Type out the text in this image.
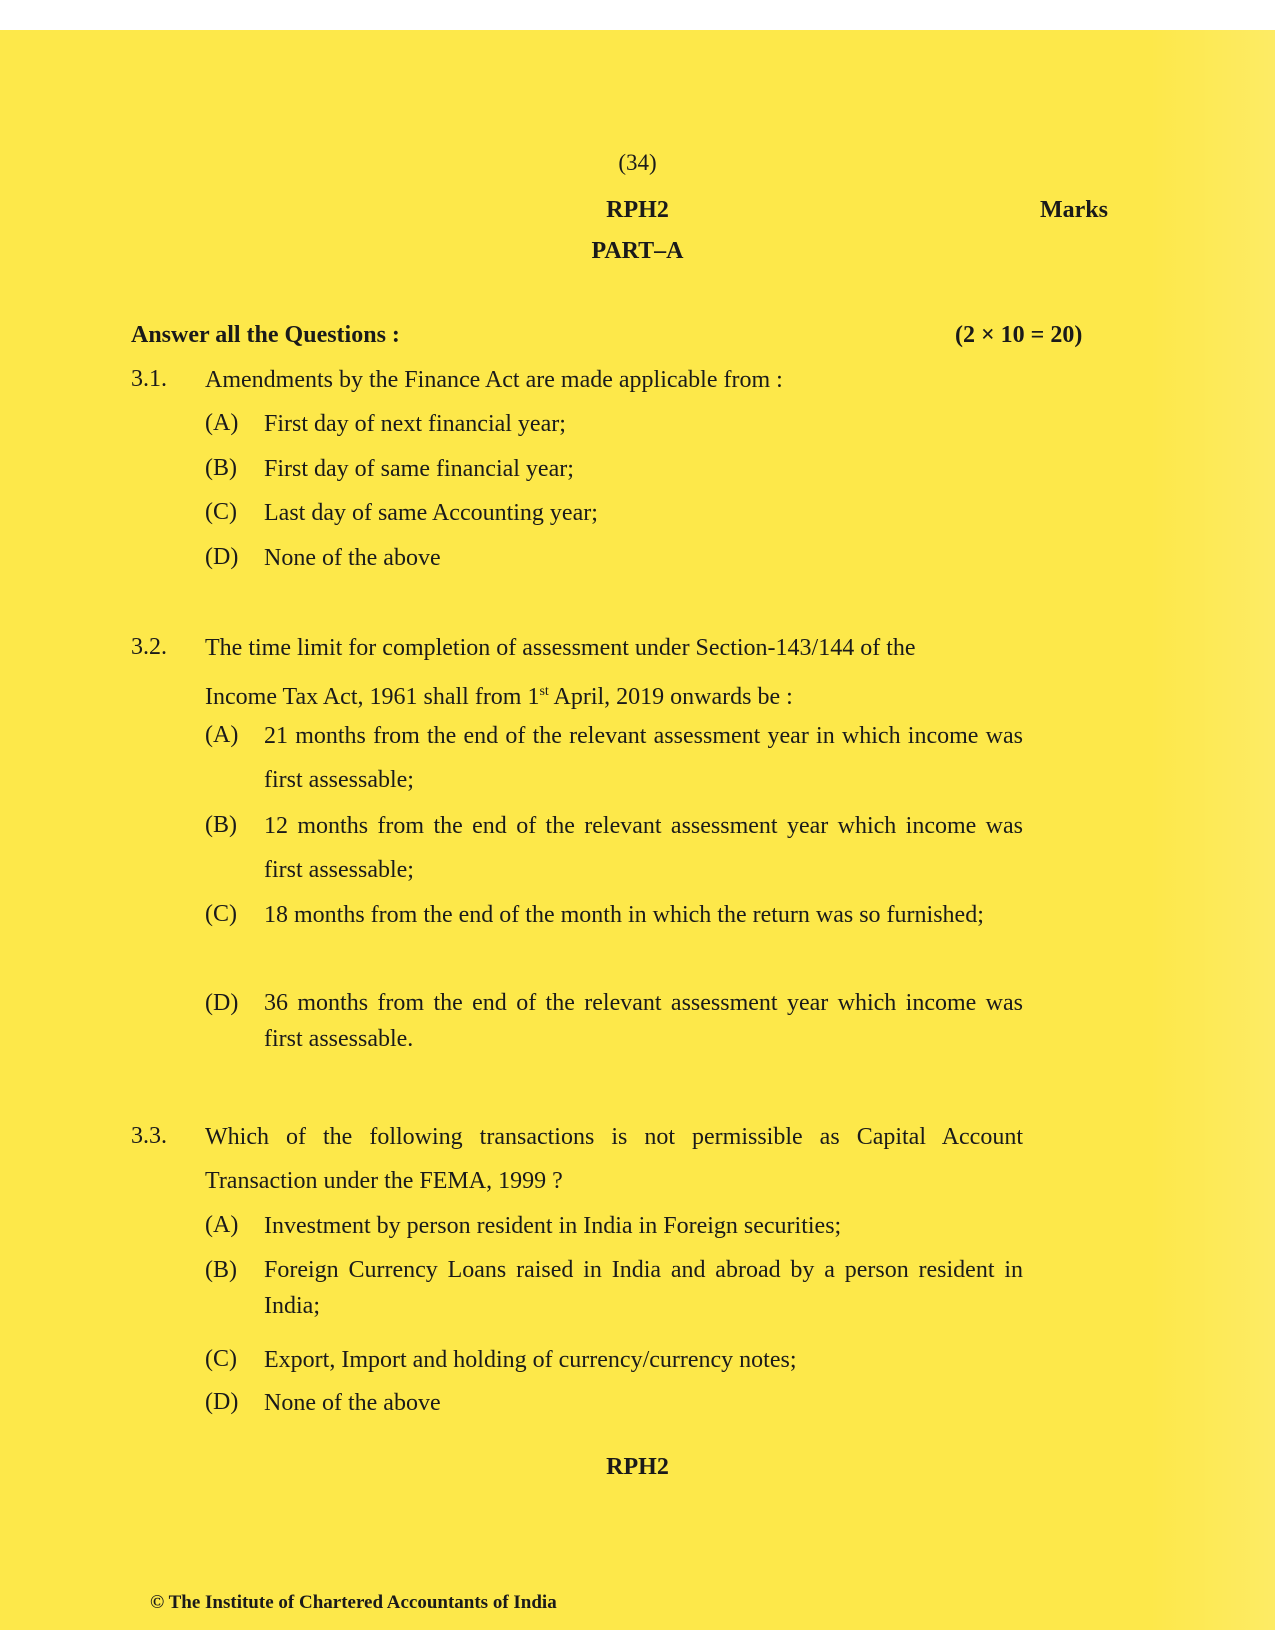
(34)
RPH2	Marks
PART–A
Answer all the Questions :	(2 × 10 = 20)
3.1. Amendments by the Finance Act are made applicable from :
(A) First day of next financial year;
(B) First day of same financial year;
(C) Last day of same Accounting year;
(D) None of the above
3.2. The time limit for completion of assessment under Section-143/144 of the
Income Tax Act, 1961 shall from 1st April, 2019 onwards be :
(A) 21 months from the end of the relevant assessment year in which income was first assessable;
(B) 12 months from the end of the relevant assessment year which income was first assessable;
(C) 18 months from the end of the month in which the return was so furnished;
(D) 36 months from the end of the relevant assessment year which income was first assessable.
3.3. Which of the following transactions is not permissible as Capital Account Transaction under the FEMA, 1999 ?
(A) Investment by person resident in India in Foreign securities;
(B) Foreign Currency Loans raised in India and abroad by a person resident in India;
(C) Export, Import and holding of currency/currency notes;
(D) None of the above
RPH2
© The Institute of Chartered Accountants of India
